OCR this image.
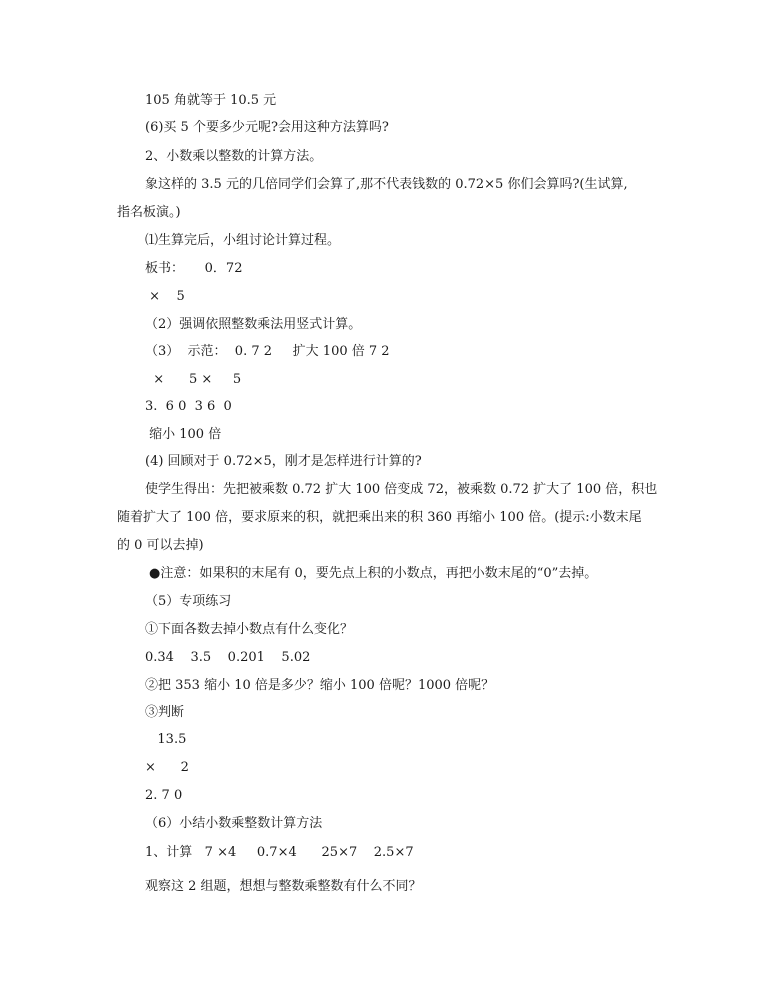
105 角就等于 10.5 元
(6)买 5 个要多少元呢?会用这种方法算吗?
2、小数乘以整数的计算方法。
象这样的 3.5 元的几倍同学们会算了,那不代表钱数的 0.72×5 你们会算吗?(生试算,
指名板演。)
⑴生算完后，小组讨论计算过程。
板书：     0．72
×    5
（2）强调依照整数乘法用竖式计算。
（3）  示范：  0. 7 2     扩大 100 倍 7 2
×      5 ×     5
3.  6 0  3 6  0
缩小 100 倍
(4) 回顾对于 0.72×5，刚才是怎样进行计算的?
使学生得出：先把被乘数 0.72 扩大 100 倍变成 72，被乘数 0.72 扩大了 100 倍，积也
随着扩大了 100 倍，要求原来的积，就把乘出来的积 360 再缩小 100 倍。(提示:小数末尾
的 0 可以去掉)
●注意：如果积的末尾有 0，要先点上积的小数点，再把小数末尾的“0”去掉。
（5）专项练习
①下面各数去掉小数点有什么变化？
0.34    3.5    0.201    5.02
②把 353 缩小 10 倍是多少？缩小 100 倍呢？1000 倍呢？
③判断
13.5
×      2
2. 7 0
（6）小结小数乘整数计算方法
1、计算   7 ×4     0.7×4      25×7    2.5×7
观察这 2 组题，想想与整数乘整数有什么不同？
